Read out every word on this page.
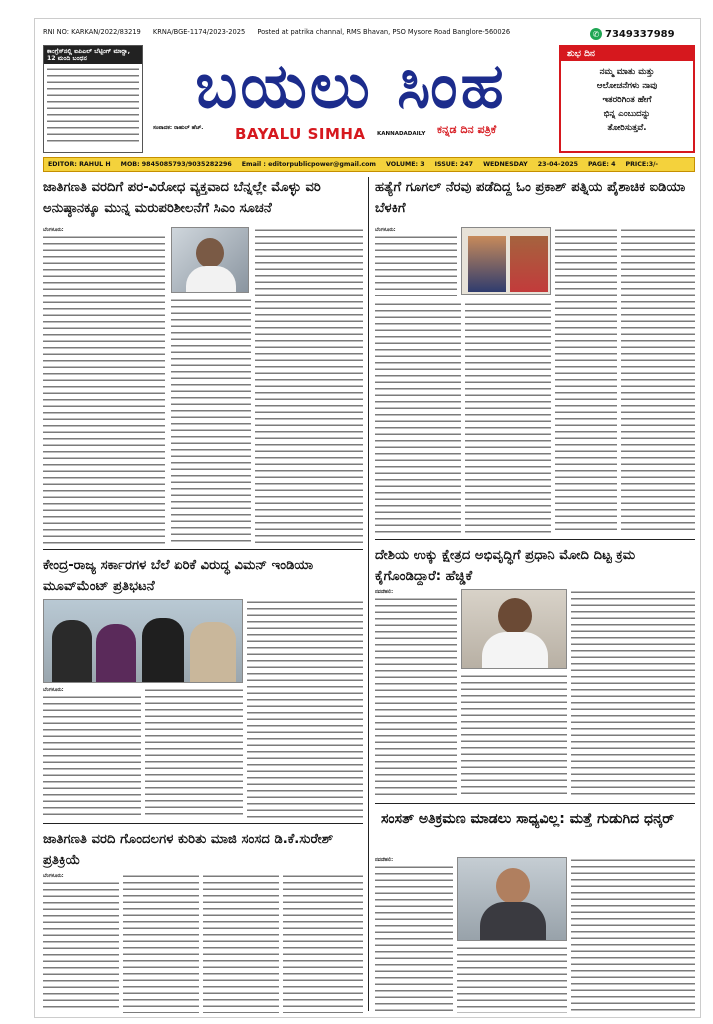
RNI NO: KARKAN/2022/83219 KRNA/BGE-1174/2023-2025 Posted at patrika channal, RMS Bhavan, PSO Mysore Road Banglore-560026	✆ 7349337989
ಕಾಂಗ್ರೆಸ್‌ನಲ್ಲಿ ಐಪಿಎಲ್ ಬೆಟ್ಟಿಂಗ್ ಮಾರ್‍ಚಾ, 12 ಮಂದಿ ಬಂಧನ	ಬಯಲು ಸಿಂಹ
ಸಂಪಾದಕ: ರಾಹುಲ್ ಹೆಚ್. BAYALU SIMHA KANNADADAILY ಕನ್ನಡ ದಿನ ಪತ್ರಿಕೆ
ಶುಭ ದಿನ
ನಮ್ಮ ಮಾತು ಮತ್ತು
ಆಲೋಚನೆಗಳು ನಾವು
ಇತರರಿಗಿಂತ ಹೇಗೆ
ಭಿನ್ನ ಎಂಬುದನ್ನು
ತೋರಿಸುತ್ತವೆ.
EDITOR: RAHUL H MOB: 9845085793/9035282296 Email : editorpublicpower@gmail.com VOLUME: 3 ISSUE: 247 WEDNESDAY 23-04-2025 PAGE: 4 PRICE:3/-
ಜಾತಿಗಣತಿ ವರದಿಗೆ ಪರ-ವಿರೋಧ ವ್ಯಕ್ತವಾದ ಬೆನ್ನಲ್ಲೇ ಮೊಳ್ಳು ವರಿ ಅನುಷ್ಠಾನಕ್ಕೂ ಮುನ್ನ ಮರುಪರಿಶೀಲನೆಗೆ ಸಿಎಂ ಸೂಚನೆ
ಬೆಂಗಳೂರು:
ಕೇಂದ್ರ-ರಾಜ್ಯ ಸರ್ಕಾರಗಳ ಬೆಲೆ ಏರಿಕೆ ವಿರುದ್ಧ ವಿಮನ್ ಇಂಡಿಯಾ ಮೂವ್‌ಮೆಂಟ್ ಪ್ರತಿಭಟನೆ
ಬೆಂಗಳೂರು:
ಜಾತಿಗಣತಿ ವರದಿ ಗೊಂದಲಗಳ ಕುರಿತು ಮಾಜಿ ಸಂಸದ ಡಿ.ಕೆ.ಸುರೇಶ್ ಪ್ರತಿಕ್ರಿಯೆ
ಬೆಂಗಳೂರು:
ಹತ್ಯೆಗೆ ಗೂಗಲ್ ನೆರವು ಪಡೆದಿದ್ದ ಓಂ ಪ್ರಕಾಶ್ ಪತ್ನಿಯ ಪೈಶಾಚಿಕ ಐಡಿಯಾ ಬೆಳಕಿಗೆ
ಬೆಂಗಳೂರು:
ದೇಶಿಯ ಉಕ್ಕು ಕ್ಷೇತ್ರದ ಅಭಿವೃದ್ಧಿಗೆ ಪ್ರಧಾನಿ ಮೋದಿ ದಿಟ್ಟ ಕ್ರಮ ಕೈಗೊಂಡಿದ್ದಾರೆ: ಹೆಚ್ಡಿಕೆ
ನವದೆಹಲಿ:
ಸಂಸತ್ ಅತಿಕ್ರಮಣ ಮಾಡಲು ಸಾಧ್ಯವಿಲ್ಲ: ಮತ್ತೆ ಗುಡುಗಿದ ಧನ್ಕರ್
ನವದೆಹಲಿ:
